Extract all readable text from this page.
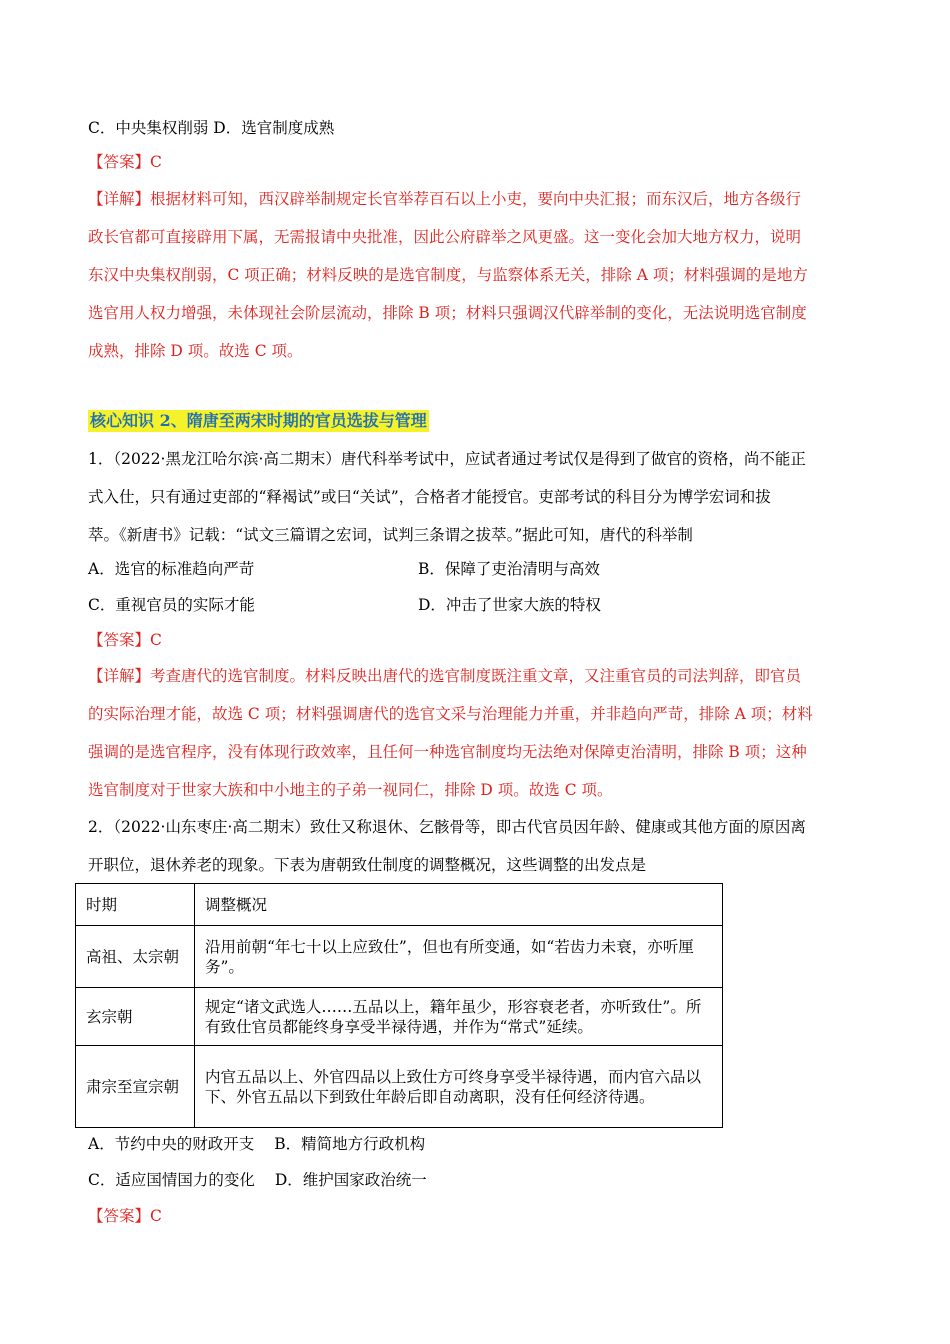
C．中央集权削弱 D．选官制度成熟
【答案】C
【详解】根据材料可知，西汉辟举制规定长官举荐百石以上小吏，要向中央汇报；而东汉后，地方各级行
政长官都可直接辟用下属，无需报请中央批准，因此公府辟举之风更盛。这一变化会加大地方权力，说明
东汉中央集权削弱，C 项正确；材料反映的是选官制度，与监察体系无关，排除 A 项；材料强调的是地方
选官用人权力增强，未体现社会阶层流动，排除 B 项；材料只强调汉代辟举制的变化，无法说明选官制度
成熟，排除 D 项。故选 C 项。
核心知识 2、隋唐至两宋时期的官员选拔与管理
1．（2022·黑龙江哈尔滨·高二期末）唐代科举考试中，应试者通过考试仅是得到了做官的资格，尚不能正
式入仕，只有通过吏部的“释褐试”或曰“关试”，合格者才能授官。吏部考试的科目分为博学宏词和拔
萃。《新唐书》记载：“试文三篇谓之宏词，试判三条谓之拔萃。”据此可知，唐代的科举制
A．选官的标准趋向严苛	B．保障了吏治清明与高效
C．重视官员的实际才能	D．冲击了世家大族的特权
【答案】C
【详解】考查唐代的选官制度。材料反映出唐代的选官制度既注重文章，又注重官员的司法判辞，即官员
的实际治理才能，故选 C 项；材料强调唐代的选官文采与治理能力并重，并非趋向严苛，排除 A 项；材料
强调的是选官程序，没有体现行政效率，且任何一种选官制度均无法绝对保障吏治清明，排除 B 项；这种
选官制度对于世家大族和中小地主的子弟一视同仁，排除 D 项。故选 C 项。
2．（2022·山东枣庄·高二期末）致仕又称退休、乞骸骨等，即古代官员因年龄、健康或其他方面的原因离
开职位，退休养老的现象。下表为唐朝致仕制度的调整概况，这些调整的出发点是
时期	调整概况
高祖、太宗朝	沿用前朝“年七十以上应致仕”，但也有所变通，如“若齿力未衰，亦听厘务”。
玄宗朝	规定“诸文武选人……五品以上，籍年虽少，形容衰老者，亦听致仕”。所有致仕官员都能终身享受半禄待遇，并作为“常式”延续。
肃宗至宣宗朝	内官五品以上、外官四品以上致仕方可终身享受半禄待遇，而内官六品以下、外官五品以下到致仕年龄后即自动离职，没有任何经济待遇。
A．节约中央的财政开支 B．精简地方行政机构
C．适应国情国力的变化 D．维护国家政治统一
【答案】C
